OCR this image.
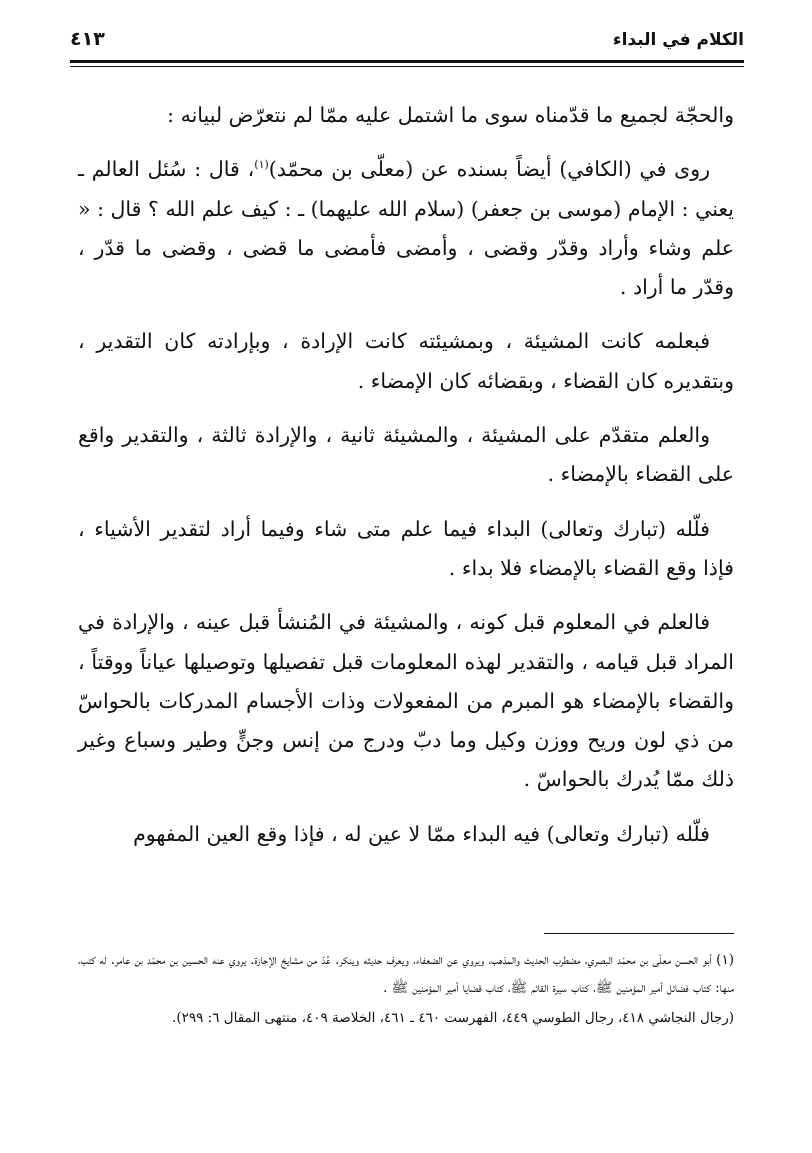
الكلام في البداء
٤١٣

والحجّة لجميع ما قدّمناه سوى ما اشتمل عليه ممّا لم نتعرّض لبيانه :

روى في (الكافي) أيضاً بسنده عن (معلّى بن محمّد)$^{(١)}$، قال : سُئل العالم ـ يعني : الإمام (موسى بن جعفر) (سلام الله عليهما) ـ : كيف علم الله ؟ قال : « علم وشاء وأراد وقدّر وقضى ، وأمضى فأمضى ما قضى ، وقضى ما قدّر ، وقدّر ما أراد .

فبعلمه كانت المشيئة ، وبمشيئته كانت الإرادة ، وبإرادته كان التقدير ، وبتقديره كان القضاء ، وبقضائه كان الإمضاء .

والعلم متقدّم على المشيئة ، والمشيئة ثانية ، والإرادة ثالثة ، والتقدير واقع على القضاء بالإمضاء .

فلّله (تبارك وتعالى) البداء فيما علم متى شاء وفيما أراد لتقدير الأشياء ، فإذا وقع القضاء بالإمضاء فلا بداء .

فالعلم في المعلوم قبل كونه ، والمشيئة في المُنشأ قبل عينه ، والإرادة في المراد قبل قيامه ، والتقدير لهذه المعلومات قبل تفصيلها وتوصيلها عياناً ووقتاً ، والقضاء بالإمضاء هو المبرم من المفعولات وذات الأجسام المدركات بالحواسّ من ذي لون وريح ووزن وكيل وما دبّ ودرج من إنس وجنٍّ وطير وسباع وغير ذلك ممّا يُدرك بالحواسّ .

فلّله (تبارك وتعالى) فيه البداء ممّا لا عين له ، فإذا وقع العين المفهوم

(١) أبو الحسن معلّى بن محمّد البصري، مضطرب الحديث والمذهب، ويروي عن الضعفاء، ويعرف حديثه وينكر. عُدّ من مشايخ الإجازة. يروي عنه الحسين بن محمّد بن عامر. له كتب، منها: كتاب فضائل أمير المؤمنين ﷺ، كتاب سيرة القائم ﷺ، كتاب قضايا أمير المؤمنين ﷺ .

(رجال النجاشي ٤١٨، رجال الطوسي ٤٤٩، الفهرست ٤٦٠ ـ ٤٦١، الخلاصة ٤٠٩، منتهى المقال ٦: ٢٩٩).
